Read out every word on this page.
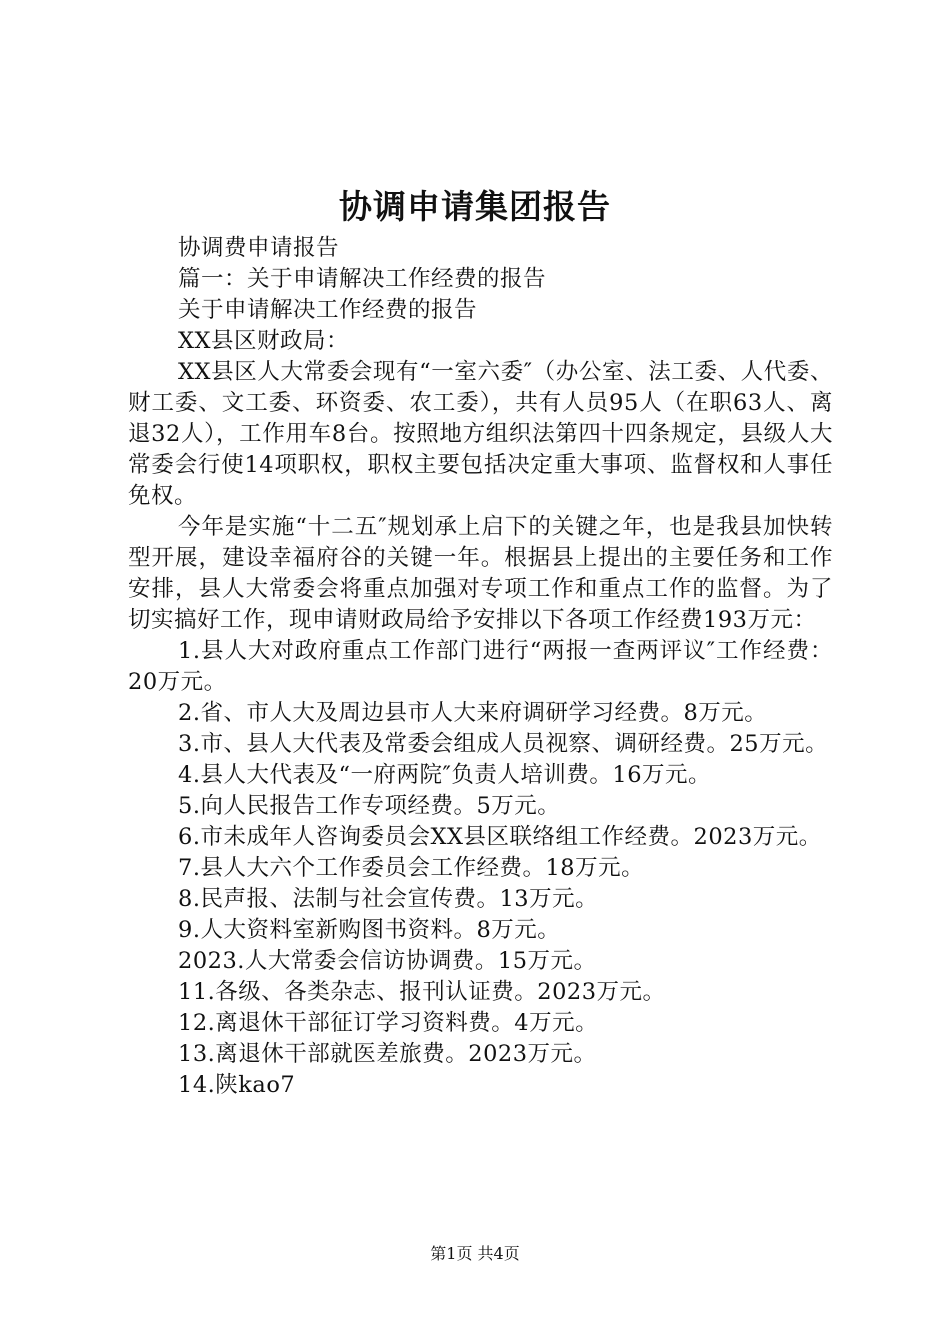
协调申请集团报告

协调费申请报告

篇一：关于申请解决工作经费的报告

关于申请解决工作经费的报告

XX县区财政局：

XX县区人大常委会现有“一室六委″（办公室、法工委、人代委、财工委、文工委、环资委、农工委），共有人员95人（在职63人、离退32人），工作用车8台。按照地方组织法第四十四条规定，县级人大常委会行使14项职权，职权主要包括决定重大事项、监督权和人事任免权。

今年是实施“十二五″规划承上启下的关键之年，也是我县加快转型开展，建设幸福府谷的关键一年。根据县上提出的主要任务和工作安排，县人大常委会将重点加强对专项工作和重点工作的监督。为了切实搞好工作，现申请财政局给予安排以下各项工作经费193万元：

1.县人大对政府重点工作部门进行“两报一查两评议″工作经费：20万元。

2.省、市人大及周边县市人大来府调研学习经费。8万元。

3.市、县人大代表及常委会组成人员视察、调研经费。25万元。

4.县人大代表及“一府两院″负责人培训费。16万元。

5.向人民报告工作专项经费。5万元。

6.市未成年人咨询委员会XX县区联络组工作经费。2023万元。

7.县人大六个工作委员会工作经费。18万元。

8.民声报、法制与社会宣传费。13万元。

9.人大资料室新购图书资料。8万元。

2023.人大常委会信访协调费。15万元。

11.各级、各类杂志、报刊认证费。2023万元。

12.离退休干部征订学习资料费。4万元。

13.离退休干部就医差旅费。2023万元。

14.陕kao7

第1页 共4页
